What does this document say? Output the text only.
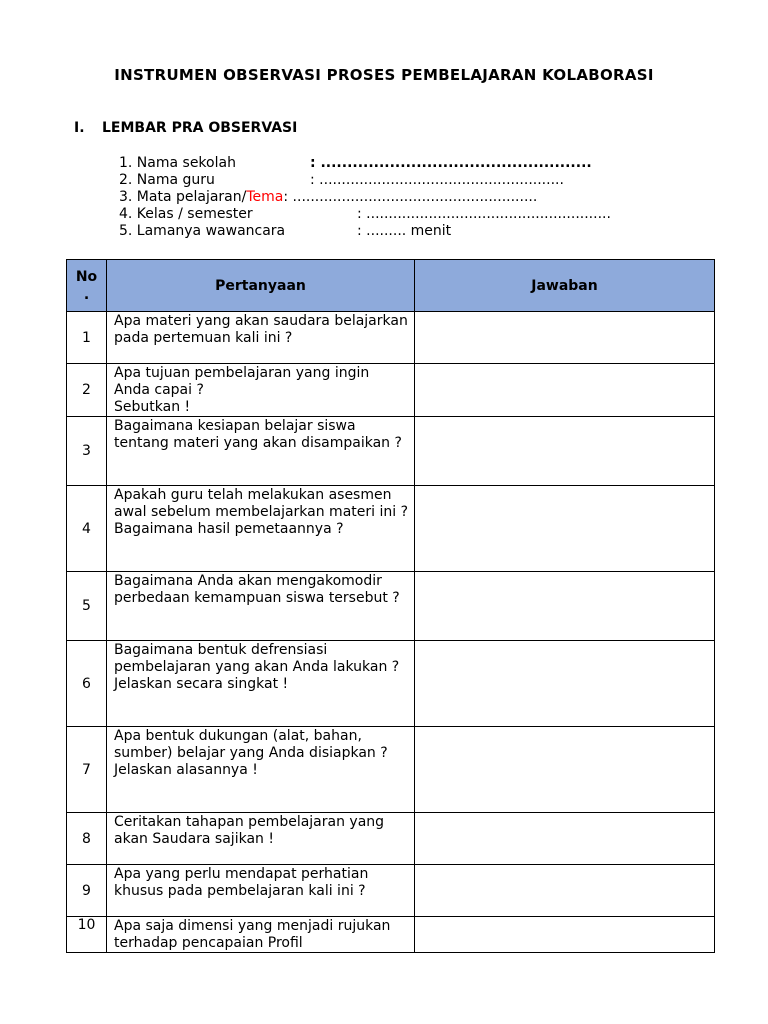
INSTRUMEN OBSERVASI PROSES PEMBELAJARAN KOLABORASI
I. LEMBAR PRA OBSERVASI
1. Nama sekolah	: ...................................................
2. Nama guru	: .......................................................
3. Mata pelajaran/Tema : .......................................................
4. Kelas / semester	: .......................................................
5. Lamanya wawancara	: ......... menit
No
.	Pertanyaan	Jawaban
1	Apa materi yang akan saudara belajarkan pada pertemuan kali ini ?	
2	Apa tujuan pembelajaran yang ingin Anda capai ?
Sebutkan !	
3	Bagaimana kesiapan belajar siswa tentang materi yang akan disampaikan ?	
4	Apakah guru telah melakukan asesmen awal sebelum membelajarkan materi ini ?
Bagaimana hasil pemetaannya ?	
5	Bagaimana Anda akan mengakomodir perbedaan kemampuan siswa tersebut ?	
6	Bagaimana bentuk defrensiasi pembelajaran yang akan Anda lakukan ?
Jelaskan secara singkat !	
7	Apa bentuk dukungan (alat, bahan, sumber) belajar yang Anda disiapkan ?
Jelaskan alasannya !	
8	Ceritakan tahapan pembelajaran yang akan Saudara sajikan !	
9	Apa yang perlu mendapat perhatian khusus pada pembelajaran kali ini ?	
10	Apa saja dimensi yang menjadi rujukan terhadap pencapaian Profil	
